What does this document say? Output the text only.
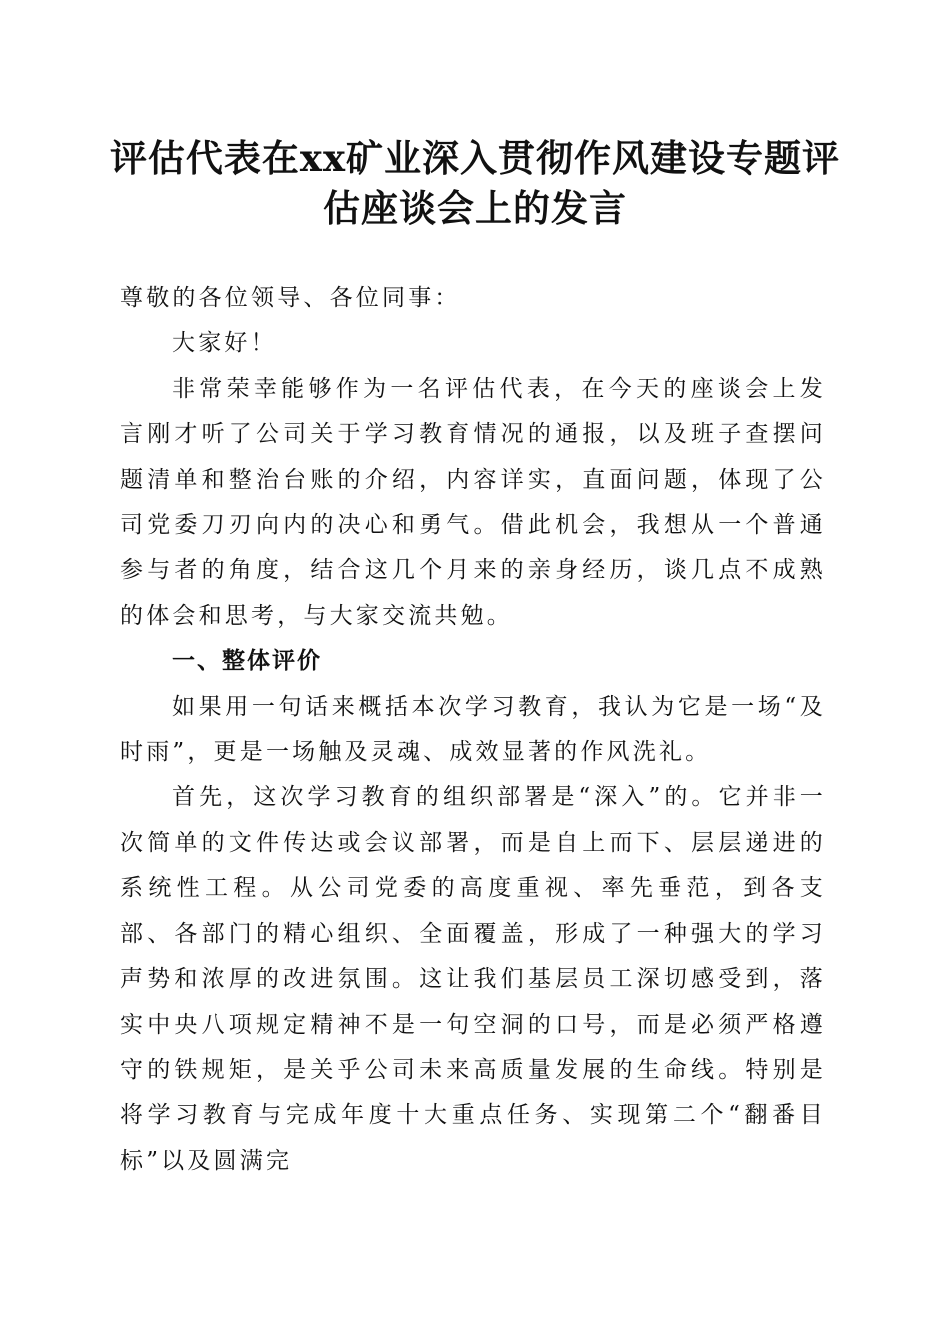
评估代表在xx矿业深入贯彻作风建设专题评估座谈会上的发言

尊敬的各位领导、各位同事：

大家好！

非常荣幸能够作为一名评估代表，在今天的座谈会上发言刚才听了公司关于学习教育情况的通报，以及班子查摆问题清单和整治台账的介绍，内容详实，直面问题，体现了公司党委刀刃向内的决心和勇气。借此机会，我想从一个普通参与者的角度，结合这几个月来的亲身经历，谈几点不成熟的体会和思考，与大家交流共勉。

一、整体评价

如果用一句话来概括本次学习教育，我认为它是一场“及时雨”，更是一场触及灵魂、成效显著的作风洗礼。

首先，这次学习教育的组织部署是“深入”的。它并非一次简单的文件传达或会议部署，而是自上而下、层层递进的系统性工程。从公司党委的高度重视、率先垂范，到各支部、各部门的精心组织、全面覆盖，形成了一种强大的学习声势和浓厚的改进氛围。这让我们基层员工深切感受到，落实中央八项规定精神不是一句空洞的口号，而是必须严格遵守的铁规矩，是关乎公司未来高质量发展的生命线。特别是将学习教育与完成年度十大重点任务、实现第二个“翻番目标”以及圆满完
